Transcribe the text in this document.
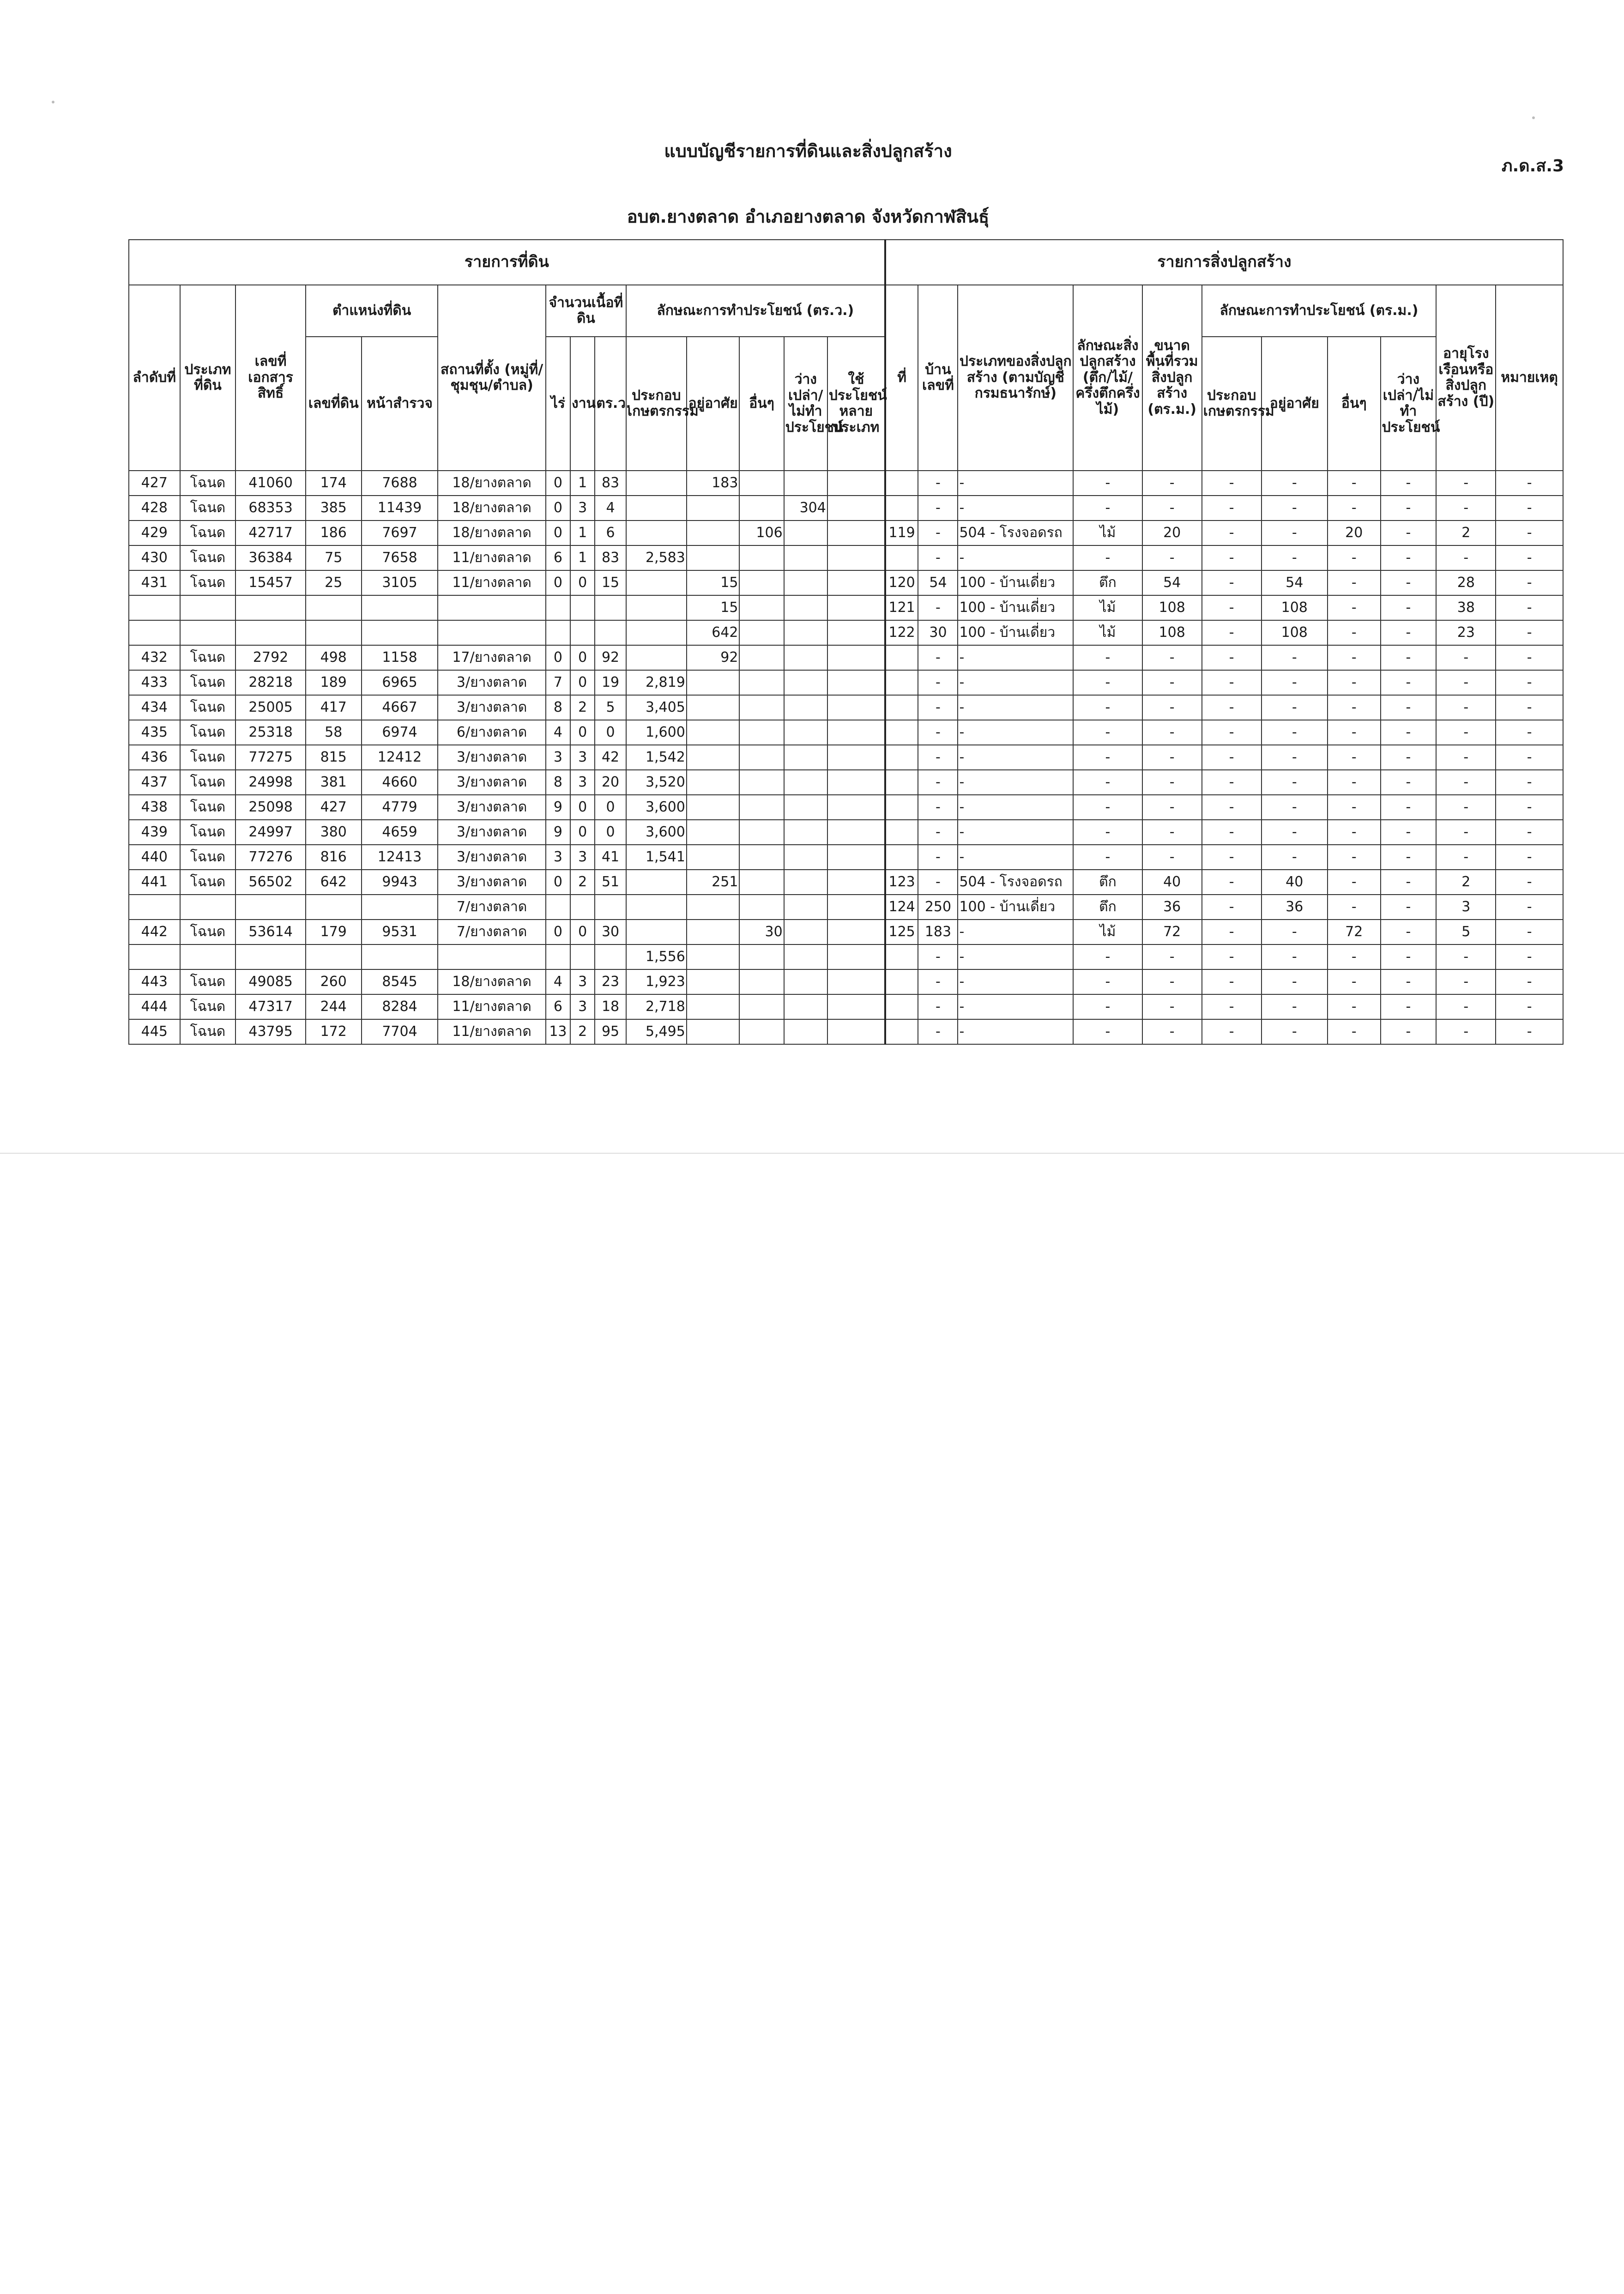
แบบบัญชีรายการที่ดินและสิ่งปลูกสร้าง
ภ.ด.ส.3
อบต.ยางตลาด อำเภอยางตลาด จังหวัดกาฬสินธุ์
รายการที่ดิน														รายการสิ่งปลูกสร้าง										
ลำดับที่	ประเภทที่ดิน	เลขที่เอกสารสิทธิ์	ตำแหน่งที่ดิน		สถานที่ตั้ง (หมู่ที่/ชุมชุน/ตำบล)	จำนวนเนื้อที่ดิน			ลักษณะการทำประโยชน์ (ตร.ว.)					ที่	บ้านเลขที่	ประเภทของสิ่งปลูกสร้าง (ตามบัญชีกรมธนารักษ์)	ลักษณะสิ่งปลูกสร้าง (ตึก/ไม้/ครึ่งตึกครึ่งไม้)	ขนาดพื้นที่รวมสิ่งปลูกสร้าง (ตร.ม.)	ลักษณะการทำประโยชน์ (ตร.ม.)				อายุโรงเรือนหรือสิ่งปลูกสร้าง (ปี)	หมายเหตุ
			เลขที่ดิน	หน้าสำรวจ		ไร่	งาน	ตร.ว.	ประกอบเกษตรกรรม	อยู่อาศัย	อื่นๆ	ว่างเปล่า/ไม่ทำประโยชน์	ใช้ประโยชน์หลายประเภท						ประกอบเกษตรกรรม	อยู่อาศัย	อื่นๆ	ว่างเปล่า/ไม่ทำประโยชน์		
427	โฉนด	41060	174	7688	18/ยางตลาด	0	1	83		183					-	-	-	-	-	-	-	-	-	-
428	โฉนด	68353	385	11439	18/ยางตลาด	0	3	4				304			-	-	-	-	-	-	-	-	-	-
429	โฉนด	42717	186	7697	18/ยางตลาด	0	1	6			106			119	-	504 - โรงจอดรถ	ไม้	20	-	-	20	-	2	-
430	โฉนด	36384	75	7658	11/ยางตลาด	6	1	83	2,583						-	-	-	-	-	-	-	-	-	-
431	โฉนด	15457	25	3105	11/ยางตลาด	0	0	15		15				120	54	100 - บ้านเดี่ยว	ตึก	54	-	54	-	-	28	-
										15				121	-	100 - บ้านเดี่ยว	ไม้	108	-	108	-	-	38	-
										642				122	30	100 - บ้านเดี่ยว	ไม้	108	-	108	-	-	23	-
432	โฉนด	2792	498	1158	17/ยางตลาด	0	0	92		92					-	-	-	-	-	-	-	-	-	-
433	โฉนด	28218	189	6965	3/ยางตลาด	7	0	19	2,819						-	-	-	-	-	-	-	-	-	-
434	โฉนด	25005	417	4667	3/ยางตลาด	8	2	5	3,405						-	-	-	-	-	-	-	-	-	-
435	โฉนด	25318	58	6974	6/ยางตลาด	4	0	0	1,600						-	-	-	-	-	-	-	-	-	-
436	โฉนด	77275	815	12412	3/ยางตลาด	3	3	42	1,542						-	-	-	-	-	-	-	-	-	-
437	โฉนด	24998	381	4660	3/ยางตลาด	8	3	20	3,520						-	-	-	-	-	-	-	-	-	-
438	โฉนด	25098	427	4779	3/ยางตลาด	9	0	0	3,600						-	-	-	-	-	-	-	-	-	-
439	โฉนด	24997	380	4659	3/ยางตลาด	9	0	0	3,600						-	-	-	-	-	-	-	-	-	-
440	โฉนด	77276	816	12413	3/ยางตลาด	3	3	41	1,541						-	-	-	-	-	-	-	-	-	-
441	โฉนด	56502	642	9943	3/ยางตลาด	0	2	51		251				123	-	504 - โรงจอดรถ	ตึก	40	-	40	-	-	2	-
					7/ยางตลาด									124	250	100 - บ้านเดี่ยว	ตึก	36	-	36	-	-	3	-
442	โฉนด	53614	179	9531	7/ยางตลาด	0	0	30			30			125	183	-	ไม้	72	-	-	72	-	5	-
									1,556						-	-	-	-	-	-	-	-	-	-
443	โฉนด	49085	260	8545	18/ยางตลาด	4	3	23	1,923						-	-	-	-	-	-	-	-	-	-
444	โฉนด	47317	244	8284	11/ยางตลาด	6	3	18	2,718						-	-	-	-	-	-	-	-	-	-
445	โฉนด	43795	172	7704	11/ยางตลาด	13	2	95	5,495						-	-	-	-	-	-	-	-	-	-
